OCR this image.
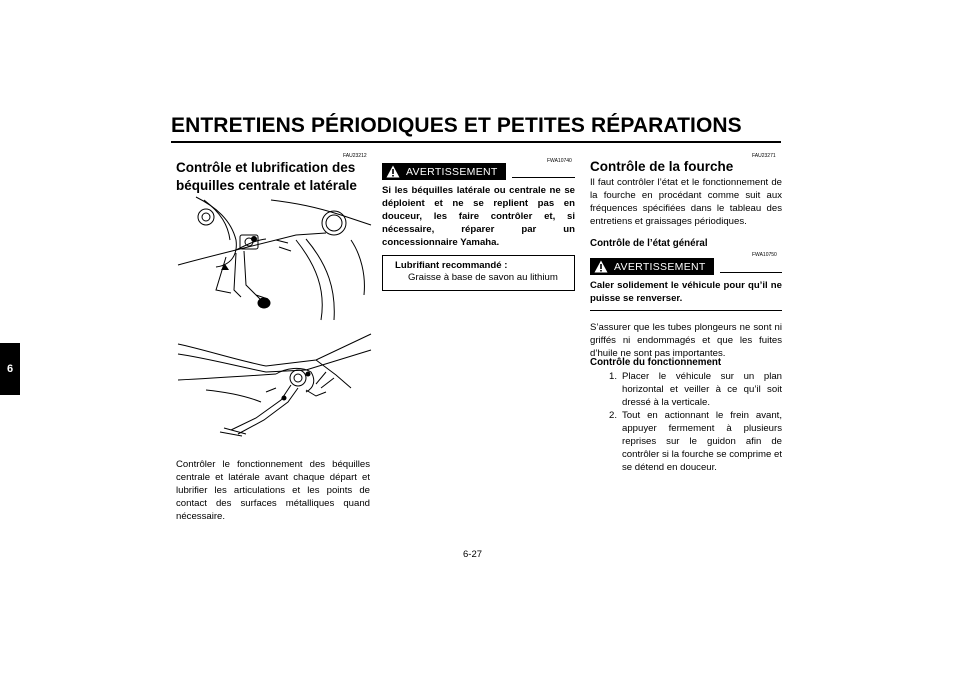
ENTRETIENS PÉRIODIQUES ET PETITES RÉPARATIONS
6
FAU23212
Contrôle et lubrification des
béquilles centrale et latérale
Contrôler le fonctionnement des béquilles centrale et latérale avant chaque départ et lubrifier les articulations et les points de contact des surfaces métalliques quand nécessaire.
FWA10740
AVERTISSEMENT
Si les béquilles latérale ou centrale ne se déploient et ne se replient pas en douceur, les faire contrôler et, si nécessaire, réparer par un concessionnaire Yamaha.
Lubrifiant recommandé :
Graisse à base de savon au lithium
FAU23271
Contrôle de la fourche
Il faut contrôler l’état et le fonctionnement de la fourche en procédant comme suit aux fréquences spécifiées dans le tableau des entretiens et graissages périodiques.
Contrôle de l’état général
FWA10750
AVERTISSEMENT
Caler solidement le véhicule pour qu’il ne puisse se renverser.
S’assurer que les tubes plongeurs ne sont ni griffés ni endommagés et que les fuites d’huile ne sont pas importantes.
Contrôle du fonctionnement
1. Placer le véhicule sur un plan horizontal et veiller à ce qu’il soit dressé à la verticale.
2. Tout en actionnant le frein avant, appuyer fermement à plusieurs reprises sur le guidon afin de contrôler si la fourche se comprime et se détend en douceur.
6-27
